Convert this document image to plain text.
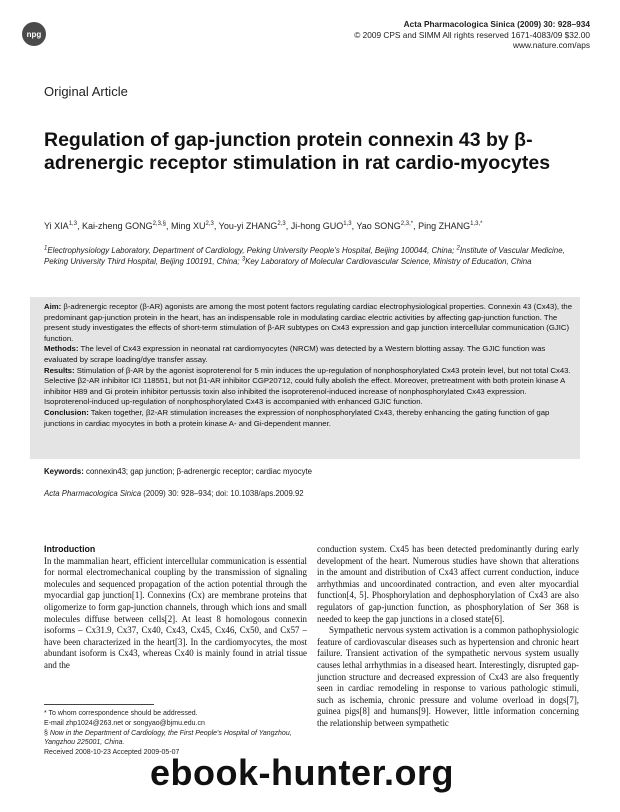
npg
Acta Pharmacologica Sinica (2009) 30: 928–934
© 2009 CPS and SIMM All rights reserved 1671-4083/09 $32.00
www.nature.com/aps
Original Article
Regulation of gap-junction protein connexin 43 by β-adrenergic receptor stimulation in rat cardio-myocytes
Yi XIA$^{1,3}$, Kai-zheng $GONG^{2,3,\S}$, Ming XU$^{2,3}$, You-yi ZHANG$^{2,3}$, Ji-hong GUO$^{1,3}$, Yao $SONG^{2,3,*}$, Ping $ZHANG^{1,3,*}$
$^1$Electrophysiology Laboratory, Department of Cardiology, Peking University People's Hospital, Beijing 100044, China; $^2$Institute of Vascular Medicine, Peking University Third Hospital, Beijing 100191, China; $^3$Key Laboratory of Molecular Cardiovascular Science, Ministry of Education, China
Aim: β-adrenergic receptor (β-AR) agonists are among the most potent factors regulating cardiac electrophysiological properties. Connexin 43 (Cx43), the predominant gap-junction protein in the heart, has an indispensable role in modulating cardiac electric activities by affecting gap-junction function. The present study investigates the effects of short-term stimulation of β-AR subtypes on Cx43 expression and gap junction intercellular communication (GJIC) function.
Methods: The level of Cx43 expression in neonatal rat cardiomyocytes (NRCM) was detected by a Western blotting assay. The GJIC function was evaluated by scrape loading/dye transfer assay.
Results: Stimulation of β-AR by the agonist isoproterenol for 5 min induces the up-regulation of nonphosphorylated Cx43 protein level, but not total Cx43. Selective β2-AR inhibitor ICI 118551, but not β1-AR inhibitor CGP20712, could fully abolish the effect. Moreover, pretreatment with both protein kinase A inhibitor H89 and Gi protein inhibitor pertussis toxin also inhibited the isoproterenol-induced increase of nonphosphorylated Cx43 expression. Isoproterenol-induced up-regulation of nonphosphorylated Cx43 is accompanied with enhanced GJIC function.
Conclusion: Taken together, β2-AR stimulation increases the expression of nonphosphorylated Cx43, thereby enhancing the gating function of gap junctions in cardiac myocytes in both a protein kinase A- and Gi-dependent manner.
Keywords: connexin43; gap junction; β-adrenergic receptor; cardiac myocyte
Acta Pharmacologica Sinica (2009) 30: 928–934; doi: 10.1038/aps.2009.92
Introduction

In the mammalian heart, efficient intercellular communication is essential for normal electromechanical coupling by the transmission of signaling molecules and sequenced propagation of the action potential through the myocardial gap junction[1]. Connexins (Cx) are membrane proteins that oligomerize to form gap-junction channels, through which ions and small molecules diffuse between cells[2]. At least 8 homologous connexin isoforms – Cx31.9, Cx37, Cx40, Cx43, Cx45, Cx46, Cx50, and Cx57 – have been characterized in the heart[3]. In the cardiomyocytes, the most abundant isoform is Cx43, whereas Cx40 is mainly found in atrial tissue and the

conduction system. Cx45 has been detected predominantly during early development of the heart. Numerous studies have shown that alterations in the amount and distribution of Cx43 affect current conduction, induce arrhythmias and uncoordinated contraction, and even alter myocardial function[4, 5]. Phosphorylation and dephosphorylation of Cx43 are also regulators of gap-junction function, as phosphorylation of Ser 368 is needed to keep the gap junctions in a closed state[6].

Sympathetic nervous system activation is a common pathophysiologic feature of cardiovascular diseases such as hypertension and chronic heart failure. Transient activation of the sympathetic nervous system usually causes lethal arrhythmias in a diseased heart. Interestingly, disrupted gap-junction structure and decreased expression of Cx43 are also frequently seen in cardiac remodeling in response to various pathologic stimuli, such as ischemia, chronic pressure and volume overload in dogs[7], guinea pigs[8] and humans[9]. However, little information concerning the relationship between sympathetic

* To whom correspondence should be addressed.
E-mail zhp1024@263.net or songyao@bjmu.edu.cn
§ Now in the Department of Cardiology, the First People's Hospital of Yangzhou, Yangzhou 225001, China.
Received 2008-10-23 Accepted 2009-05-07
ebook-hunter.org
